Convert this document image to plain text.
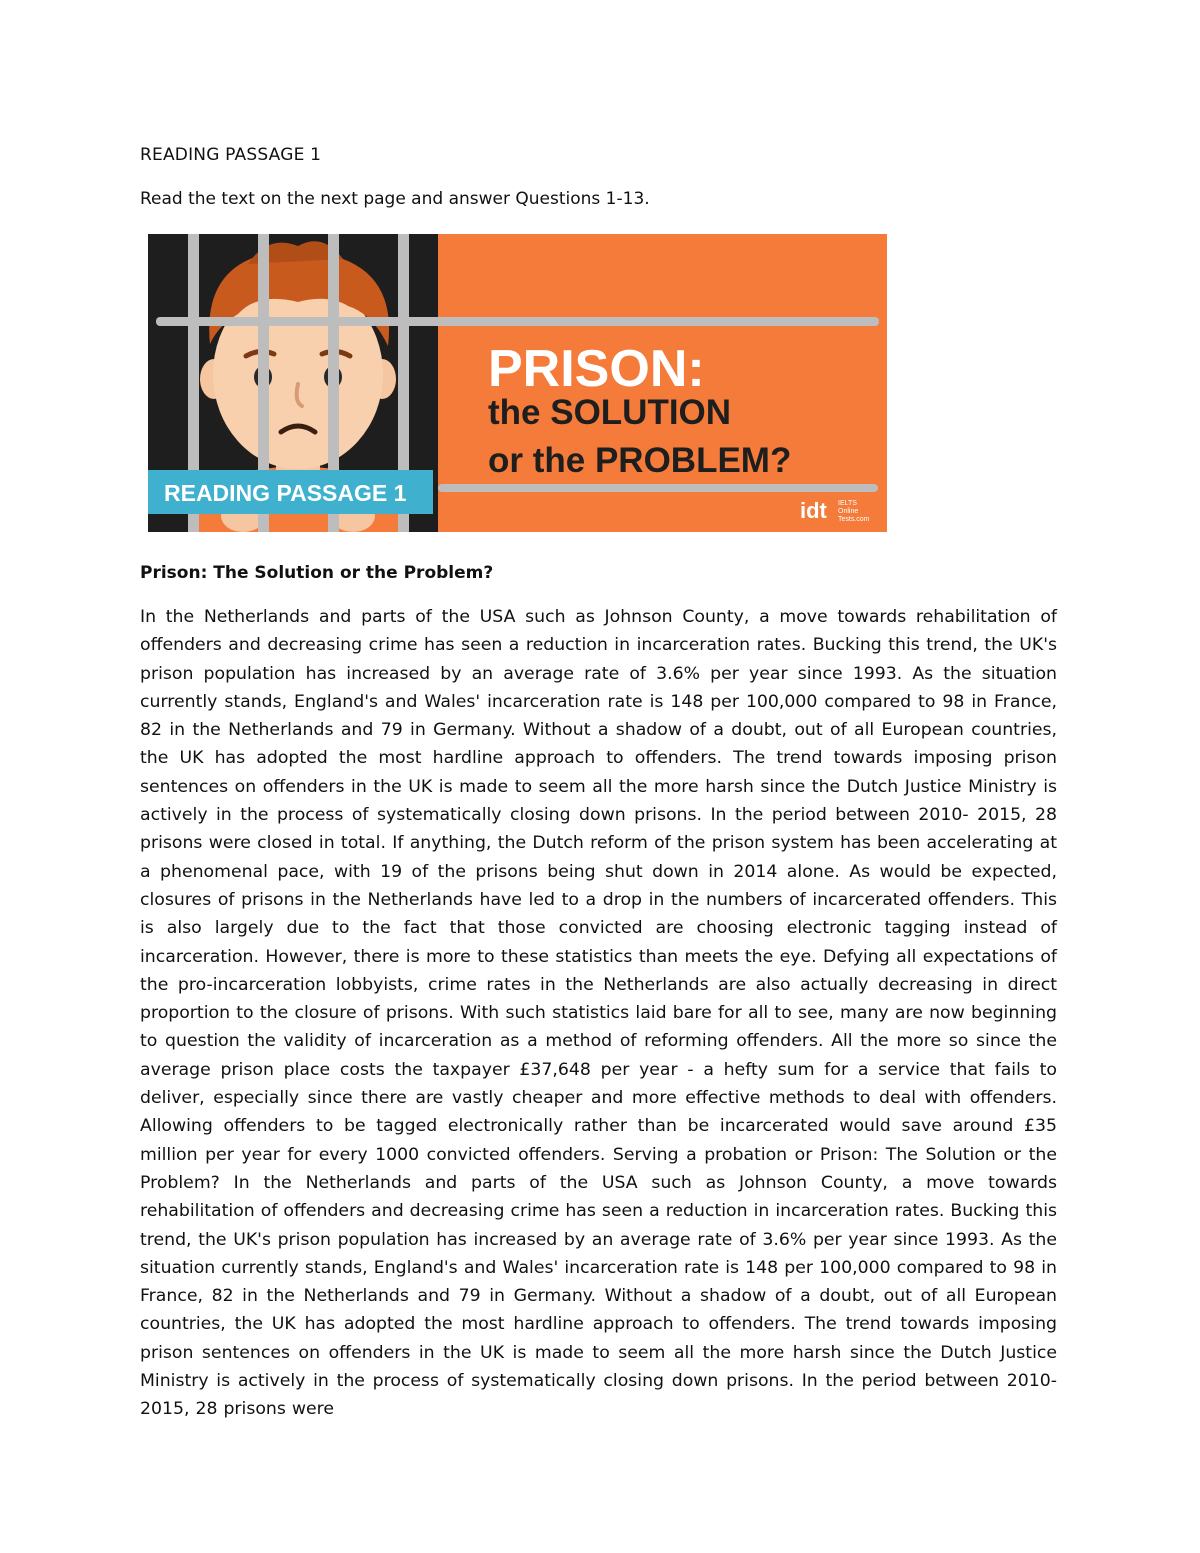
READING PASSAGE 1
Read the text on the next page and answer Questions 1-13.
PRISON:
the SOLUTION
or the PROBLEM?
READING PASSAGE 1
idt IELTS
Online
Tests.com
Prison: The Solution or the Problem?
In the Netherlands and parts of the USA such as Johnson County, a move towards rehabilitation of offenders and decreasing crime has seen a reduction in incarceration rates. Bucking this trend, the UK's prison population has increased by an average rate of 3.6% per year since 1993. As the situation currently stands, England's and Wales' incarceration rate is 148 per 100,000 compared to 98 in France, 82 in the Netherlands and 79 in Germany. Without a shadow of a doubt, out of all European countries, the UK has adopted the most hardline approach to offenders. The trend towards imposing prison sentences on offenders in the UK is made to seem all the more harsh since the Dutch Justice Ministry is actively in the process of systematically closing down prisons. In the period between 2010- 2015, 28 prisons were closed in total. If anything, the Dutch reform of the prison system has been accelerating at a phenomenal pace, with 19 of the prisons being shut down in 2014 alone. As would be expected, closures of prisons in the Netherlands have led to a drop in the numbers of incarcerated offenders. This is also largely due to the fact that those convicted are choosing electronic tagging instead of incarceration. However, there is more to these statistics than meets the eye. Defying all expectations of the pro-incarceration lobbyists, crime rates in the Netherlands are also actually decreasing in direct proportion to the closure of prisons. With such statistics laid bare for all to see, many are now beginning to question the validity of incarceration as a method of reforming offenders. All the more so since the average prison place costs the taxpayer £37,648 per year - a hefty sum for a service that fails to deliver, especially since there are vastly cheaper and more effective methods to deal with offenders. Allowing offenders to be tagged electronically rather than be incarcerated would save around £35 million per year for every 1000 convicted offenders. Serving a probation or Prison: The Solution or the Problem? In the Netherlands and parts of the USA such as Johnson County, a move towards rehabilitation of offenders and decreasing crime has seen a reduction in incarceration rates. Bucking this trend, the UK's prison population has increased by an average rate of 3.6% per year since 1993. As the situation currently stands, England's and Wales' incarceration rate is 148 per 100,000 compared to 98 in France, 82 in the Netherlands and 79 in Germany. Without a shadow of a doubt, out of all European countries, the UK has adopted the most hardline approach to offenders. The trend towards imposing prison sentences on offenders in the UK is made to seem all the more harsh since the Dutch Justice Ministry is actively in the process of systematically closing down prisons. In the period between 2010- 2015, 28 prisons were
